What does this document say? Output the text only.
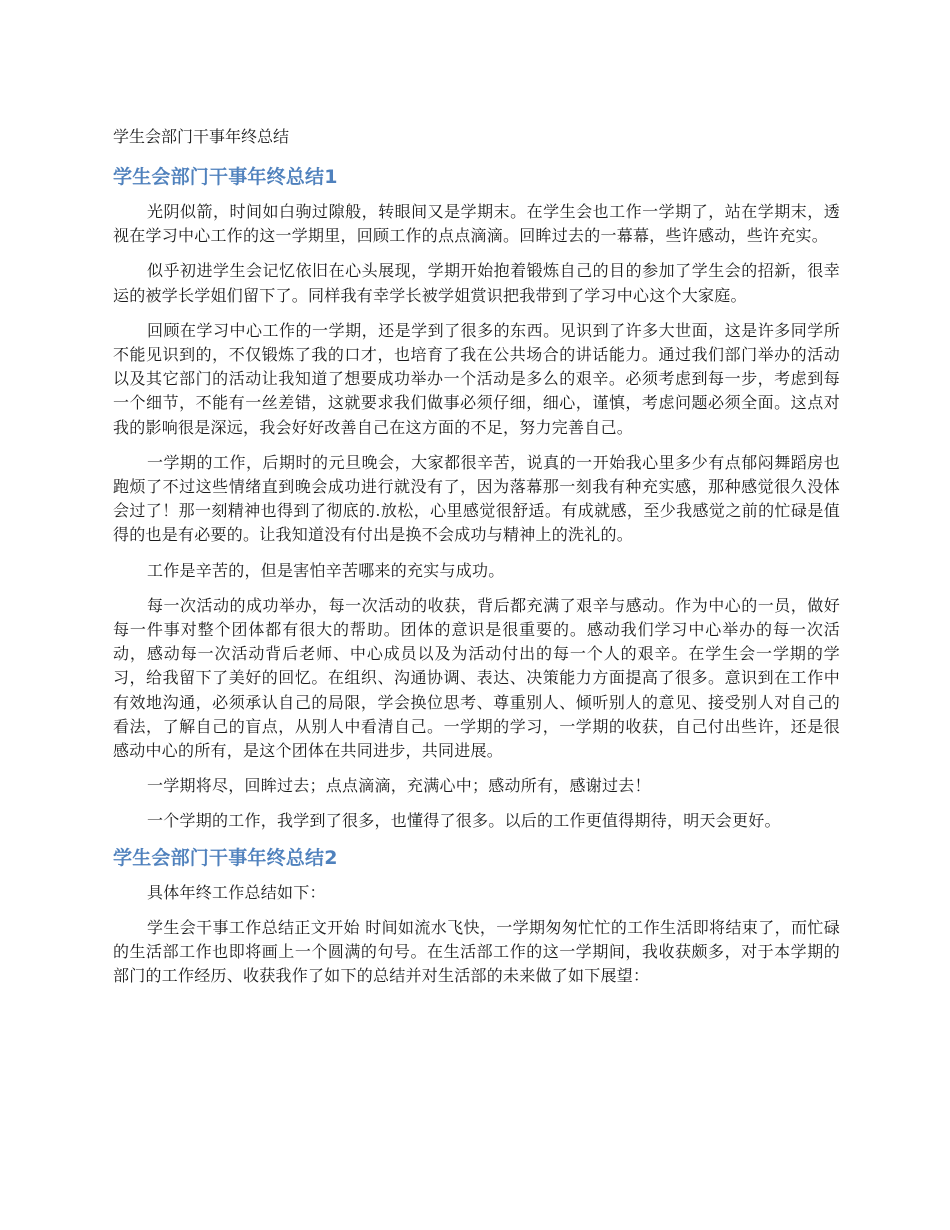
学生会部门干事年终总结
学生会部门干事年终总结1

光阴似箭，时间如白驹过隙般，转眼间又是学期末。在学生会也工作一学期了，站在学期末，透视在学习中心工作的这一学期里，回顾工作的点点滴滴。回眸过去的一幕幕，些许感动，些许充实。

似乎初进学生会记忆依旧在心头展现，学期开始抱着锻炼自己的目的参加了学生会的招新，很幸运的被学长学姐们留下了。同样我有幸学长被学姐赏识把我带到了学习中心这个大家庭。

回顾在学习中心工作的一学期，还是学到了很多的东西。见识到了许多大世面，这是许多同学所不能见识到的，不仅锻炼了我的口才，也培育了我在公共场合的讲话能力。通过我们部门举办的活动以及其它部门的活动让我知道了想要成功举办一个活动是多么的艰辛。必须考虑到每一步，考虑到每一个细节，不能有一丝差错，这就要求我们做事必须仔细，细心，谨慎，考虑问题必须全面。这点对我的影响很是深远，我会好好改善自己在这方面的不足，努力完善自己。

一学期的工作，后期时的元旦晚会，大家都很辛苦，说真的一开始我心里多少有点郁闷舞蹈房也跑烦了不过这些情绪直到晚会成功进行就没有了，因为落幕那一刻我有种充实感，那种感觉很久没体会过了！那一刻精神也得到了彻底的.放松，心里感觉很舒适。有成就感，至少我感觉之前的忙碌是值得的也是有必要的。让我知道没有付出是换不会成功与精神上的洗礼的。

工作是辛苦的，但是害怕辛苦哪来的充实与成功。

每一次活动的成功举办，每一次活动的收获，背后都充满了艰辛与感动。作为中心的一员，做好每一件事对整个团体都有很大的帮助。团体的意识是很重要的。感动我们学习中心举办的每一次活动，感动每一次活动背后老师、中心成员以及为活动付出的每一个人的艰辛。在学生会一学期的学习，给我留下了美好的回忆。在组织、沟通协调、表达、决策能力方面提高了很多。意识到在工作中有效地沟通，必须承认自己的局限，学会换位思考、尊重别人、倾听别人的意见、接受别人对自己的看法，了解自己的盲点，从别人中看清自己。一学期的学习，一学期的收获，自己付出些许，还是很感动中心的所有，是这个团体在共同进步，共同进展。

一学期将尽，回眸过去；点点滴滴，充满心中；感动所有，感谢过去！

一个学期的工作，我学到了很多，也懂得了很多。以后的工作更值得期待，明天会更好。

学生会部门干事年终总结2

具体年终工作总结如下：

学生会干事工作总结正文开始 时间如流水飞快，一学期匆匆忙忙的工作生活即将结束了，而忙碌的生活部工作也即将画上一个圆满的句号。在生活部工作的这一学期间，我收获颇多，对于本学期的部门的工作经历、收获我作了如下的总结并对生活部的未来做了如下展望：
